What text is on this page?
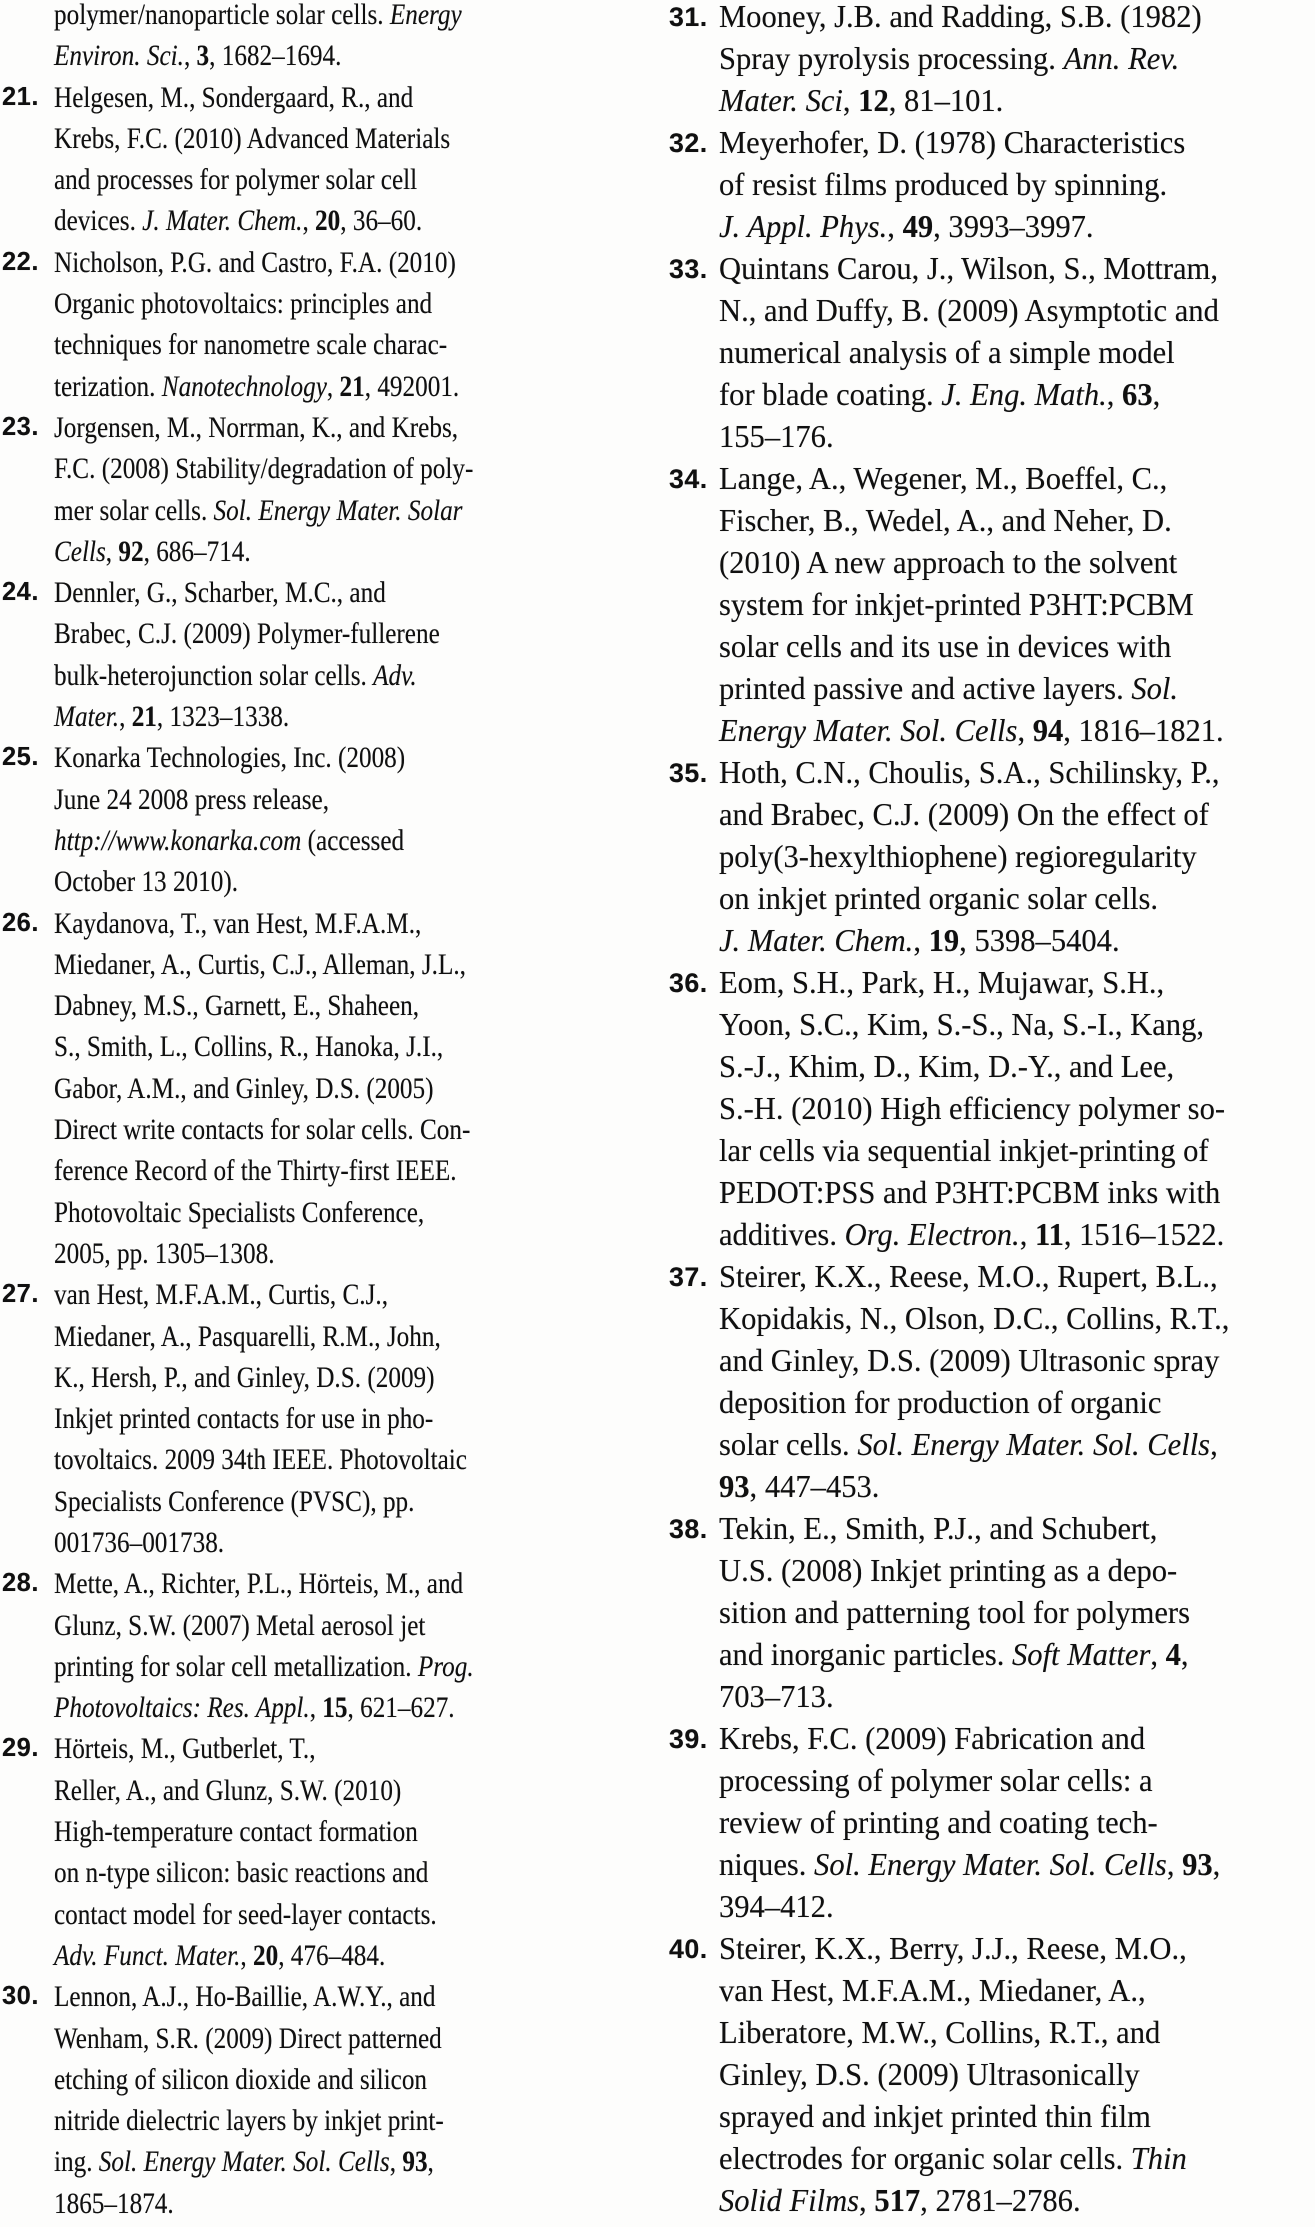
polymer/nanoparticle solar cells. Energy
Environ. Sci., 3, 1682–1694.
21. Helgesen, M., Sondergaard, R., and
Krebs, F.C. (2010) Advanced Materials
and processes for polymer solar cell
devices. J. Mater. Chem., 20, 36–60.
22. Nicholson, P.G. and Castro, F.A. (2010)
Organic photovoltaics: principles and
techniques for nanometre scale charac-
terization. Nanotechnology, 21, 492001.
23. Jorgensen, M., Norrman, K., and Krebs,
F.C. (2008) Stability/degradation of poly-
mer solar cells. Sol. Energy Mater. Solar
Cells, 92, 686–714.
24. Dennler, G., Scharber, M.C., and
Brabec, C.J. (2009) Polymer-fullerene
bulk-heterojunction solar cells. Adv.
Mater., 21, 1323–1338.
25. Konarka Technologies, Inc. (2008)
June 24 2008 press release,
http://www.konarka.com (accessed
October 13 2010).
26. Kaydanova, T., van Hest, M.F.A.M.,
Miedaner, A., Curtis, C.J., Alleman, J.L.,
Dabney, M.S., Garnett, E., Shaheen,
S., Smith, L., Collins, R., Hanoka, J.I.,
Gabor, A.M., and Ginley, D.S. (2005)
Direct write contacts for solar cells. Con-
ference Record of the Thirty-first IEEE.
Photovoltaic Specialists Conference,
2005, pp. 1305–1308.
27. van Hest, M.F.A.M., Curtis, C.J.,
Miedaner, A., Pasquarelli, R.M., John,
K., Hersh, P., and Ginley, D.S. (2009)
Inkjet printed contacts for use in pho-
tovoltaics. 2009 34th IEEE. Photovoltaic
Specialists Conference (PVSC), pp.
001736–001738.
28. Mette, A., Richter, P.L., Hörteis, M., and
Glunz, S.W. (2007) Metal aerosol jet
printing for solar cell metallization. Prog.
Photovoltaics: Res. Appl., 15, 621–627.
29. Hörteis, M., Gutberlet, T.,
Reller, A., and Glunz, S.W. (2010)
High-temperature contact formation
on n-type silicon: basic reactions and
contact model for seed-layer contacts.
Adv. Funct. Mater., 20, 476–484.
30. Lennon, A.J., Ho-Baillie, A.W.Y., and
Wenham, S.R. (2009) Direct patterned
etching of silicon dioxide and silicon
nitride dielectric layers by inkjet print-
ing. Sol. Energy Mater. Sol. Cells, 93,
1865–1874.
31. Mooney, J.B. and Radding, S.B. (1982)
Spray pyrolysis processing. Ann. Rev.
Mater. Sci, 12, 81–101.
32. Meyerhofer, D. (1978) Characteristics
of resist films produced by spinning.
J. Appl. Phys., 49, 3993–3997.
33. Quintans Carou, J., Wilson, S., Mottram,
N., and Duffy, B. (2009) Asymptotic and
numerical analysis of a simple model
for blade coating. J. Eng. Math., 63,
155–176.
34. Lange, A., Wegener, M., Boeffel, C.,
Fischer, B., Wedel, A., and Neher, D.
(2010) A new approach to the solvent
system for inkjet-printed P3HT:PCBM
solar cells and its use in devices with
printed passive and active layers. Sol.
Energy Mater. Sol. Cells, 94, 1816–1821.
35. Hoth, C.N., Choulis, S.A., Schilinsky, P.,
and Brabec, C.J. (2009) On the effect of
poly(3-hexylthiophene) regioregularity
on inkjet printed organic solar cells.
J. Mater. Chem., 19, 5398–5404.
36. Eom, S.H., Park, H., Mujawar, S.H.,
Yoon, S.C., Kim, S.-S., Na, S.-I., Kang,
S.-J., Khim, D., Kim, D.-Y., and Lee,
S.-H. (2010) High efficiency polymer so-
lar cells via sequential inkjet-printing of
PEDOT:PSS and P3HT:PCBM inks with
additives. Org. Electron., 11, 1516–1522.
37. Steirer, K.X., Reese, M.O., Rupert, B.L.,
Kopidakis, N., Olson, D.C., Collins, R.T.,
and Ginley, D.S. (2009) Ultrasonic spray
deposition for production of organic
solar cells. Sol. Energy Mater. Sol. Cells,
93, 447–453.
38. Tekin, E., Smith, P.J., and Schubert,
U.S. (2008) Inkjet printing as a depo-
sition and patterning tool for polymers
and inorganic particles. Soft Matter, 4,
703–713.
39. Krebs, F.C. (2009) Fabrication and
processing of polymer solar cells: a
review of printing and coating tech-
niques. Sol. Energy Mater. Sol. Cells, 93,
394–412.
40. Steirer, K.X., Berry, J.J., Reese, M.O.,
van Hest, M.F.A.M., Miedaner, A.,
Liberatore, M.W., Collins, R.T., and
Ginley, D.S. (2009) Ultrasonically
sprayed and inkjet printed thin film
electrodes for organic solar cells. Thin
Solid Films, 517, 2781–2786.
